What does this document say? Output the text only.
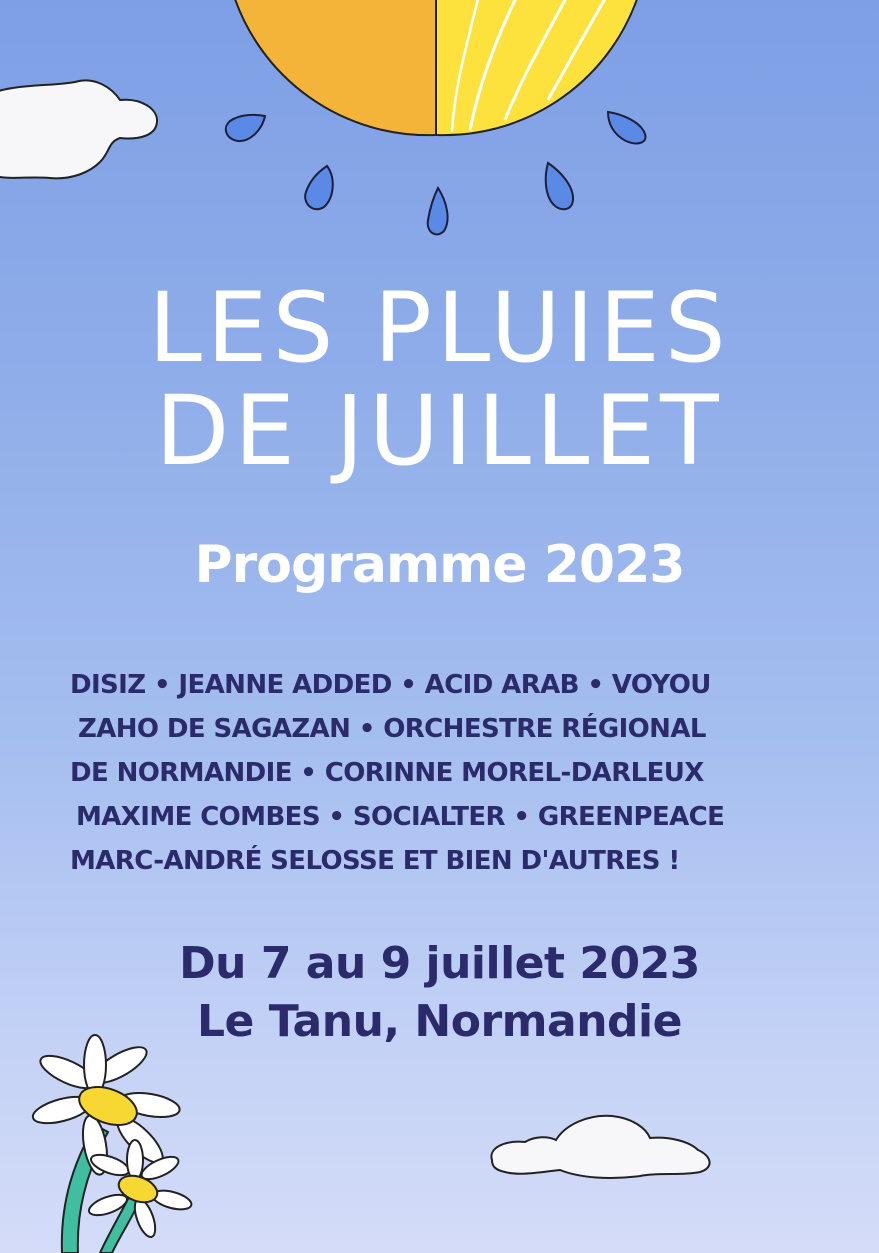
LES PLUIES
DE JUILLET
Programme 2023
DISIZ • JEANNE ADDED • ACID ARAB • VOYOU
ZAHO DE SAGAZAN • ORCHESTRE RÉGIONAL
DE NORMANDIE • CORINNE MOREL-DARLEUX
MAXIME COMBES • SOCIALTER • GREENPEACE
MARC-ANDRÉ SELOSSE ET BIEN D'AUTRES !
Du 7 au 9 juillet 2023
Le Tanu, Normandie
